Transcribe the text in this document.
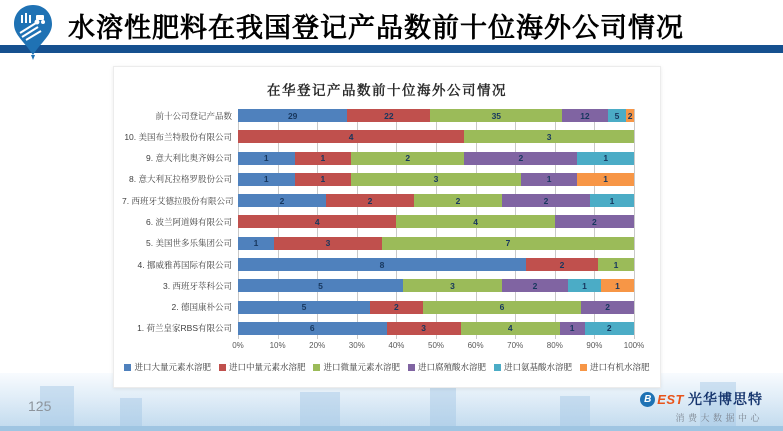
水溶性肥料在我国登记产品数前十位海外公司情况
在华登记产品数前十位海外公司情况
前十公司登记产品数	29	22	35	12	5 2
10. 美国布兰特股份有限公司	4	3
9. 意大利比奥齐姆公司	1	1	2	2	1
8. 意大利瓦拉格罗股份公司	1	1	3	1	1
7. 西班牙艾德拉股份有限公司	2	2	2	2	1
6. 波兰阿道姆有限公司	4	4	2
5. 美国世多乐集团公司	1	3	7
4. 挪威雅苒国际有限公司	8	2	1
3. 西班牙萃科公司	5	3	2	1	1
2. 德国康朴公司	5	2	6	2
1. 荷兰皇家RBS有限公司	6	3	4	1	2
0%	10%	20%	30%	40%	50%	60%	70%	80%	90%	100%
进口大量元素水溶肥 进口中量元素水溶肥 进口微量元素水溶肥 进口腐殖酸水溶肥 进口氨基酸水溶肥 进口有机水溶肥
125	B EST 光华博思特
消费大数据中心
